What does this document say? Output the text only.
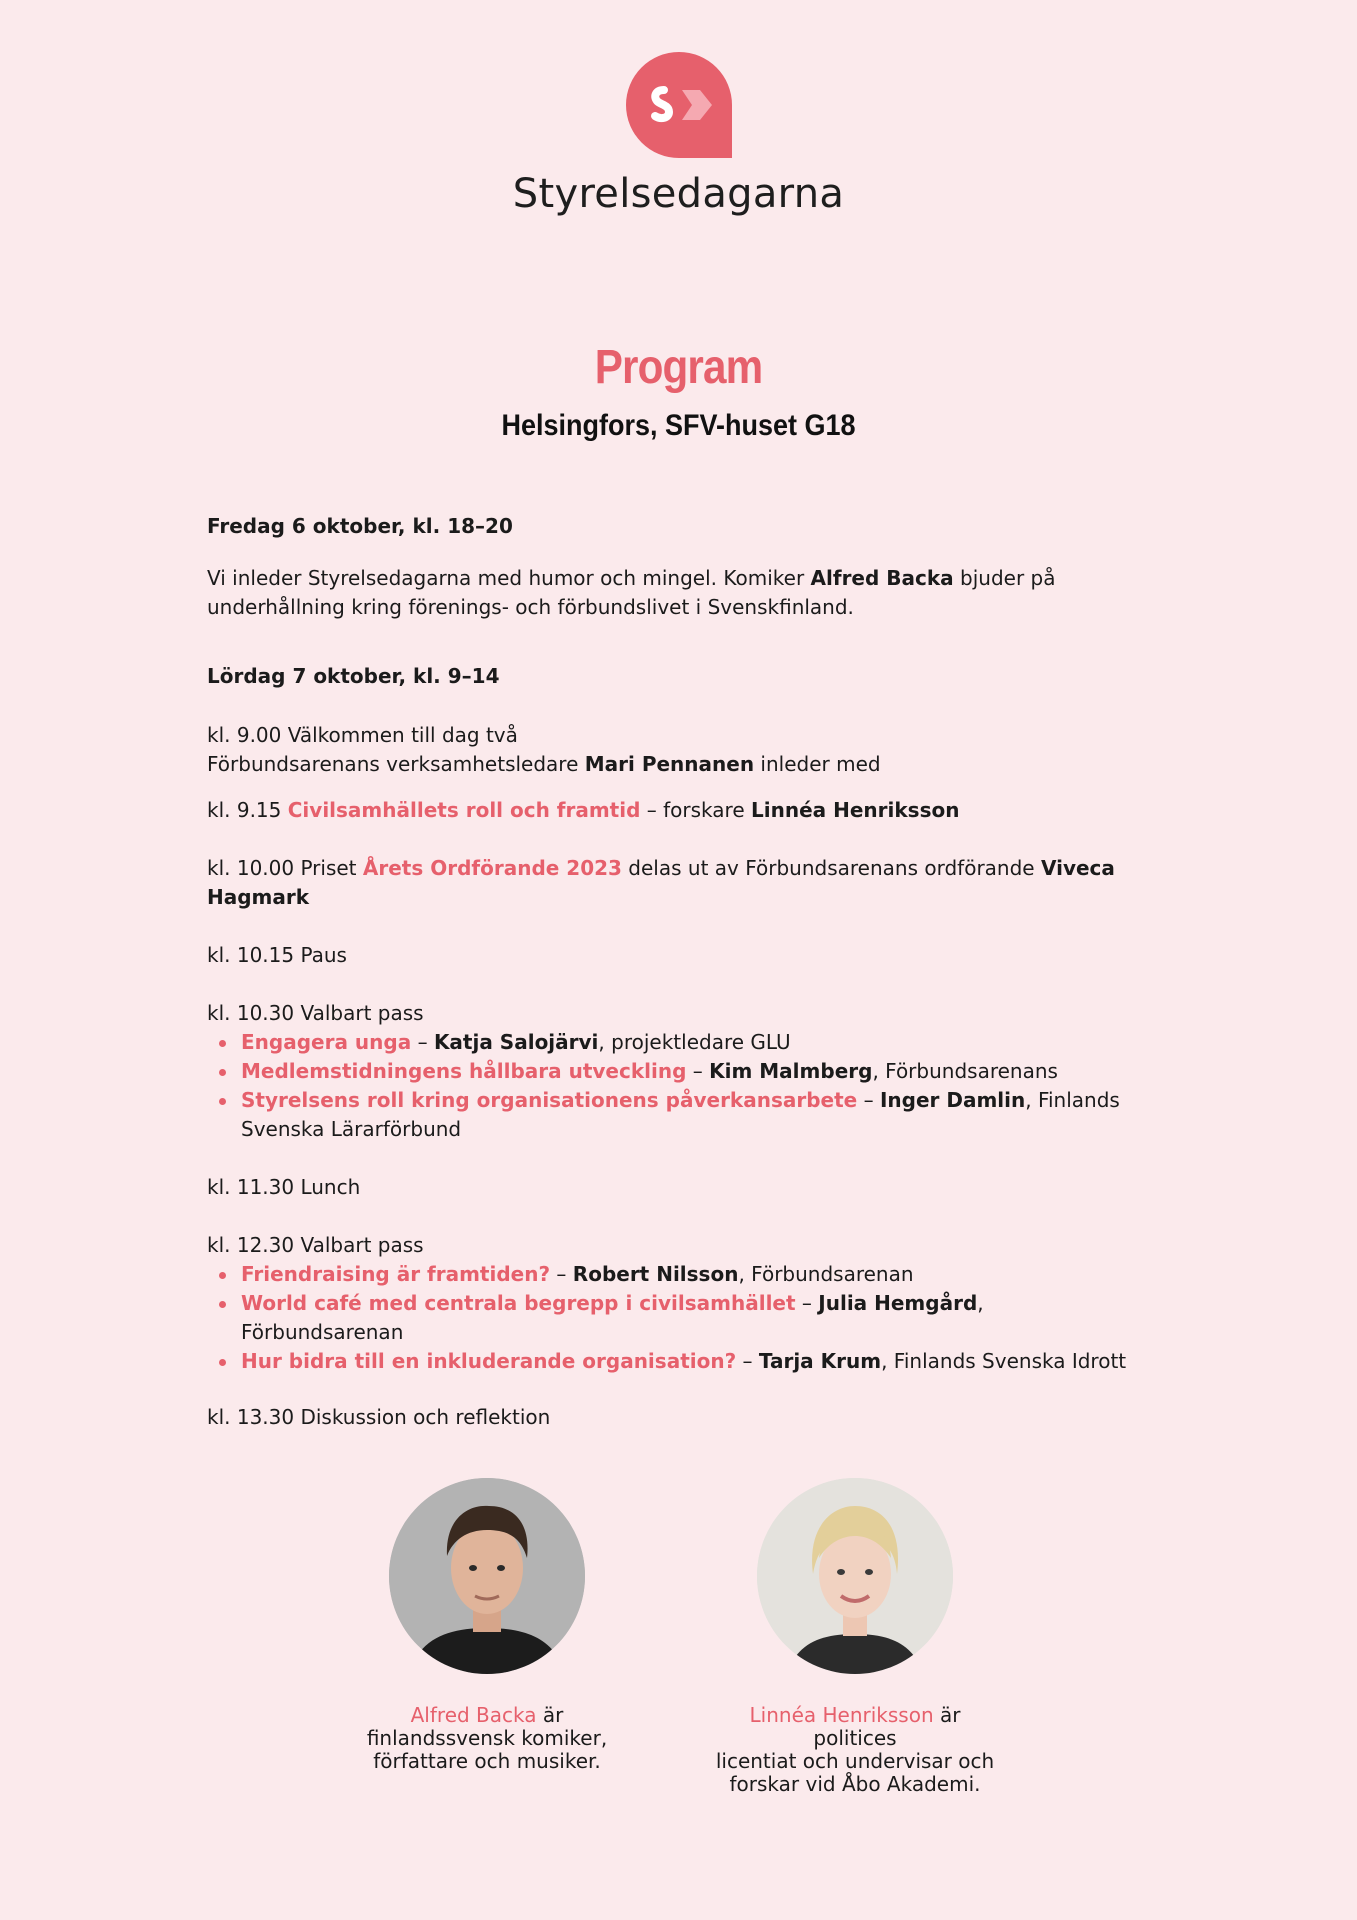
Styrelsedagarna
Program
Helsingfors, SFV-huset G18

Fredag 6 oktober, kl. 18–20

Vi inleder Styrelsedagarna med humor och mingel. Komiker Alfred Backa bjuder på underhållning kring förenings- och förbundslivet i Svenskfinland.

Lördag 7 oktober, kl. 9–14

kl. 9.00 Välkommen till dag två

Förbundsarenans verksamhetsledare Mari Pennanen inleder med

kl. 9.15 Civilsamhällets roll och framtid – forskare Linnéa Henriksson

kl. 10.00 Priset Årets Ordförande 2023 delas ut av Förbundsarenans ordförande Viveca Hagmark

kl. 10.15 Paus

kl. 10.30 Valbart pass

Engagera unga – Katja Salojärvi, projektledare GLU
Medlemstidningens hållbara utveckling – Kim Malmberg, Förbundsarenans
Styrelsens roll kring organisationens påverkansarbete – Inger Damlin, Finlands Svenska Lärarförbund

kl. 11.30 Lunch

kl. 12.30 Valbart pass

Friendraising är framtiden? – Robert Nilsson, Förbundsarenan
World café med centrala begrepp i civilsamhället – Julia Hemgård, Förbundsarenan
Hur bidra till en inkluderande organisation? – Tarja Krum, Finlands Svenska Idrott

kl. 13.30 Diskussion och reflektion

Alfred Backa är
finlandssvensk komiker,
författare och musiker.
Linnéa Henriksson är politices
licentiat och undervisar och
forskar vid Åbo Akademi.
